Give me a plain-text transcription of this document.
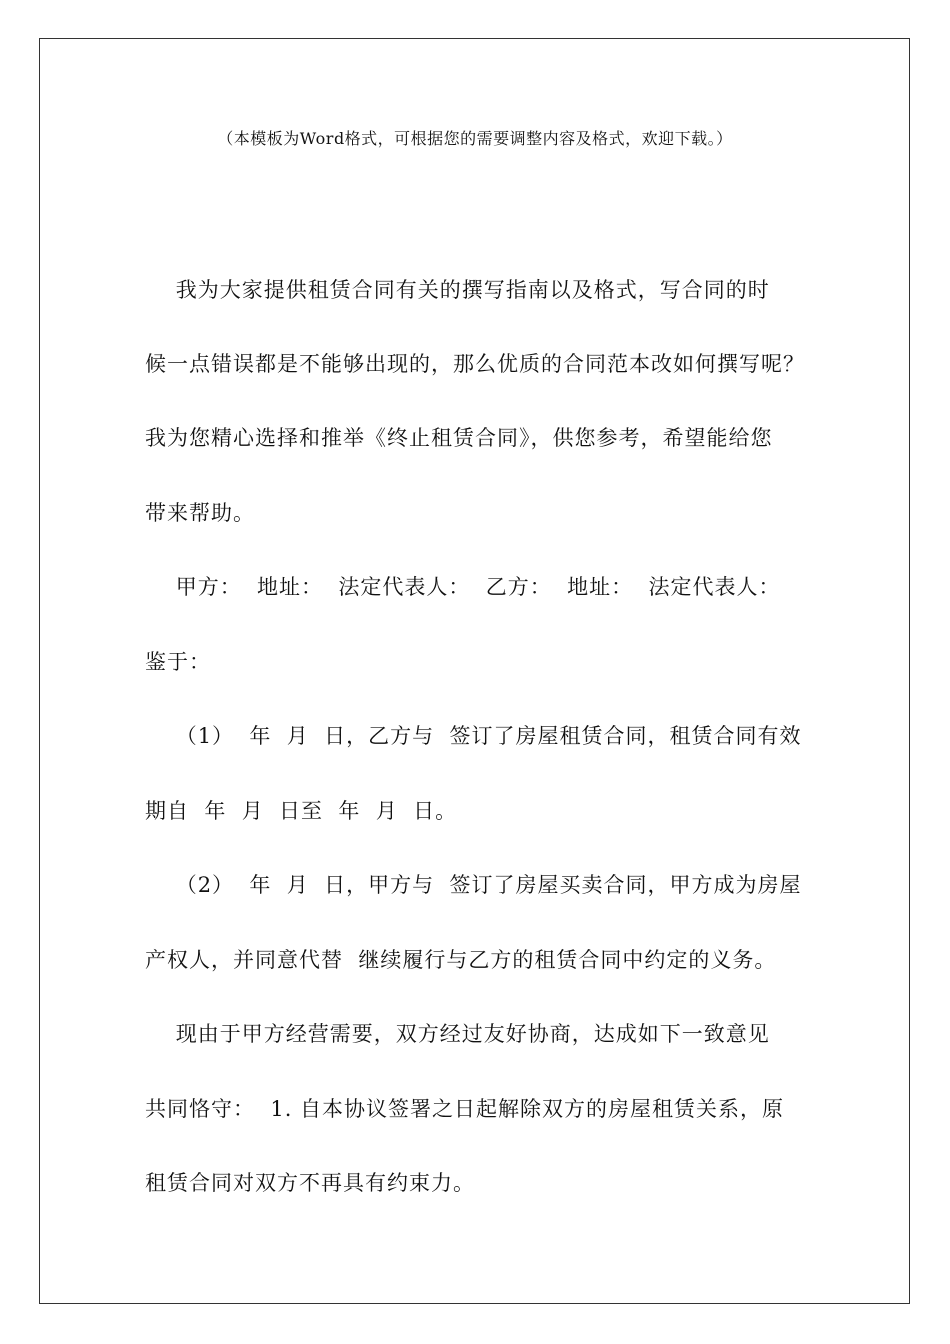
（本模板为Word格式，可根据您的需要调整内容及格式，欢迎下载。）
我为大家提供租赁合同有关的撰写指南以及格式，写合同的时
候一点错误都是不能够出现的，那么优质的合同范本改如何撰写呢？
我为您精心选择和推举《终止租赁合同》，供您参考，希望能给您
带来帮助。
甲方：  地址：  法定代表人：  乙方：  地址：  法定代表人：
鉴于：
（1）  年  月  日，乙方与  签订了房屋租赁合同，租赁合同有效
期自  年  月  日至  年  月  日。
（2）  年  月  日，甲方与  签订了房屋买卖合同，甲方成为房屋
产权人，并同意代替  继续履行与乙方的租赁合同中约定的义务。
现由于甲方经营需要，双方经过友好协商，达成如下一致意见
共同恪守：  1. 自本协议签署之日起解除双方的房屋租赁关系，原
租赁合同对双方不再具有约束力。
